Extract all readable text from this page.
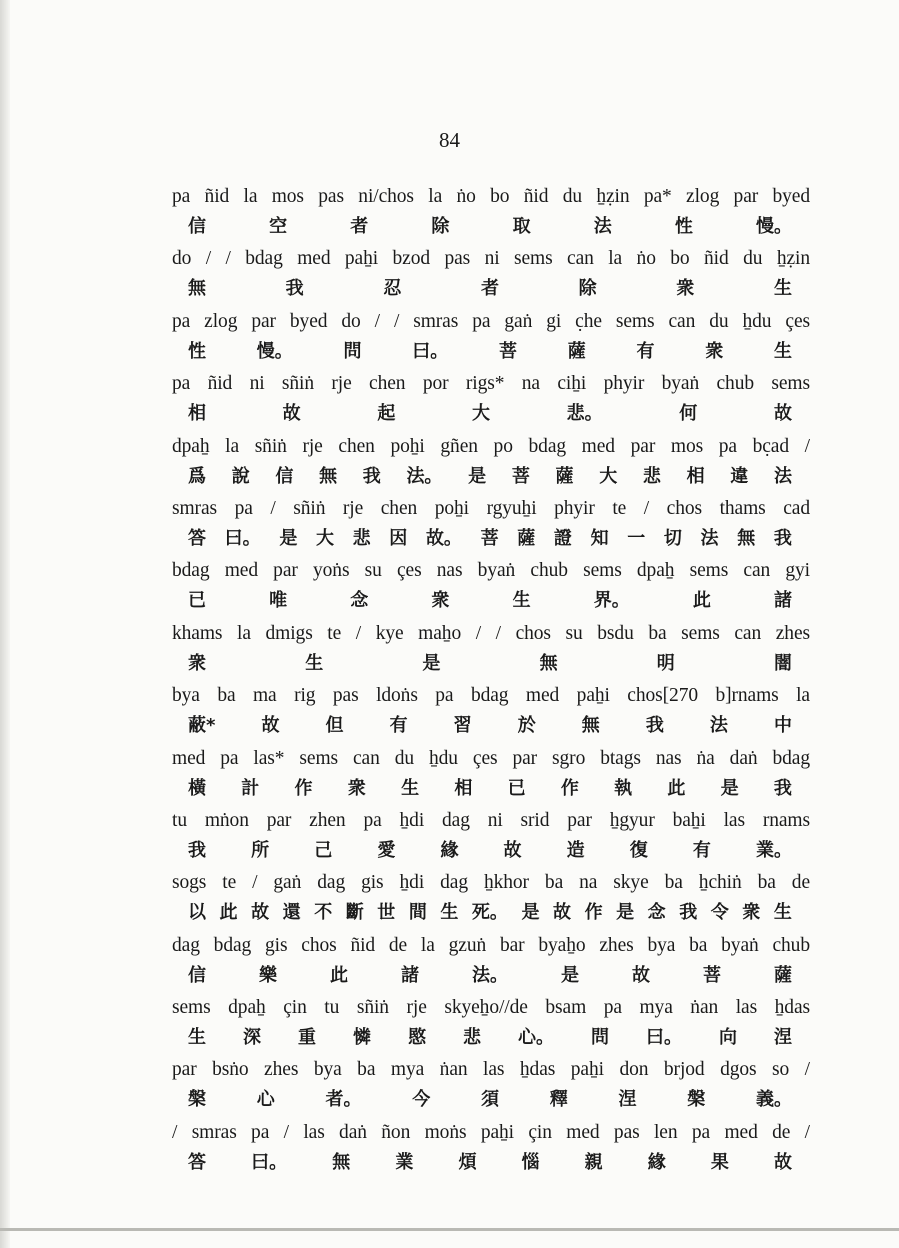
84
pa ñid la mos pas ni/chos la ṅo bo ñid du ẖẓin pa* zlog par byed
信	空	者	除	取	法	性	慢。
do / / bdag med paẖi bzod pas ni sems can la ṅo bo ñid du ẖẓin
無	我	忍	者	除	衆	生
pa zlog par byed do / / smras pa gaṅ gi c̣he sems can du ẖdu çes
性	慢。	問	曰。	菩	薩	有	衆	生
pa ñid ni sñiṅ rje chen por rigs* na ciẖi phyir byaṅ chub sems
相	故	起	大	悲。	何	故
dpaẖ la sñiṅ rje chen poẖi gñen po bdag med par mos pa bc̣ad /
爲 說 信 無 我 法。 是 菩 薩 大 悲 相 違 法
smras pa / sñiṅ rje chen poẖi rgyuẖi phyir te / chos thams cad
答 曰。 是 大 悲 因 故。 菩 薩 證 知 一 切 法 無 我
bdag med par yoṅs su çes nas byaṅ chub sems dpaẖ sems can gyi
已	唯	念	衆	生	界。	此	諸
khams la dmigs te / kye maẖo / / chos su bsdu ba sems can zhes
衆	生	是	無	明	闇
bya ba ma rig pas ldoṅs pa bdag med paẖi chos[270 b]rnams la
蔽*	故	但	有	習	於	無	我	法	中
med pa las* sems can du ẖdu çes par sgro btags nas ṅa daṅ bdag
橫 計 作 衆 生 相 已 作 執 此 是 我
tu mṅon par zhen pa ẖdi dag ni srid par ẖgyur baẖi las rnams
我	所	己	愛	緣	故	造	復	有	業。
sogs te / gaṅ dag gis ẖdi dag ẖkhor ba na skye ba ẖchiṅ ba de
以 此 故 還 不 斷 世 間 生 死。 是 故 作 是 念 我 令 衆 生
dag bdag gis chos ñid de la gzuṅ bar byaẖo zhes bya ba byaṅ chub
信	樂	此	諸	法。	是	故	菩	薩
sems dpaẖ çin tu sñiṅ rje skyeẖo//de bsam pa mya ṅan las ẖdas
生 深 重 憐 愍 悲 心。 問 曰。 向 涅
par bsṅo zhes bya ba mya ṅan las ẖdas paẖi don brjod dgos so /
槃	心	者。	今	須	釋	涅	槃	義。
/ smras pa / las daṅ ñon moṅs paẖi çin med pas len pa med de /
答	曰。	無	業	煩	惱	親	緣	果	故
